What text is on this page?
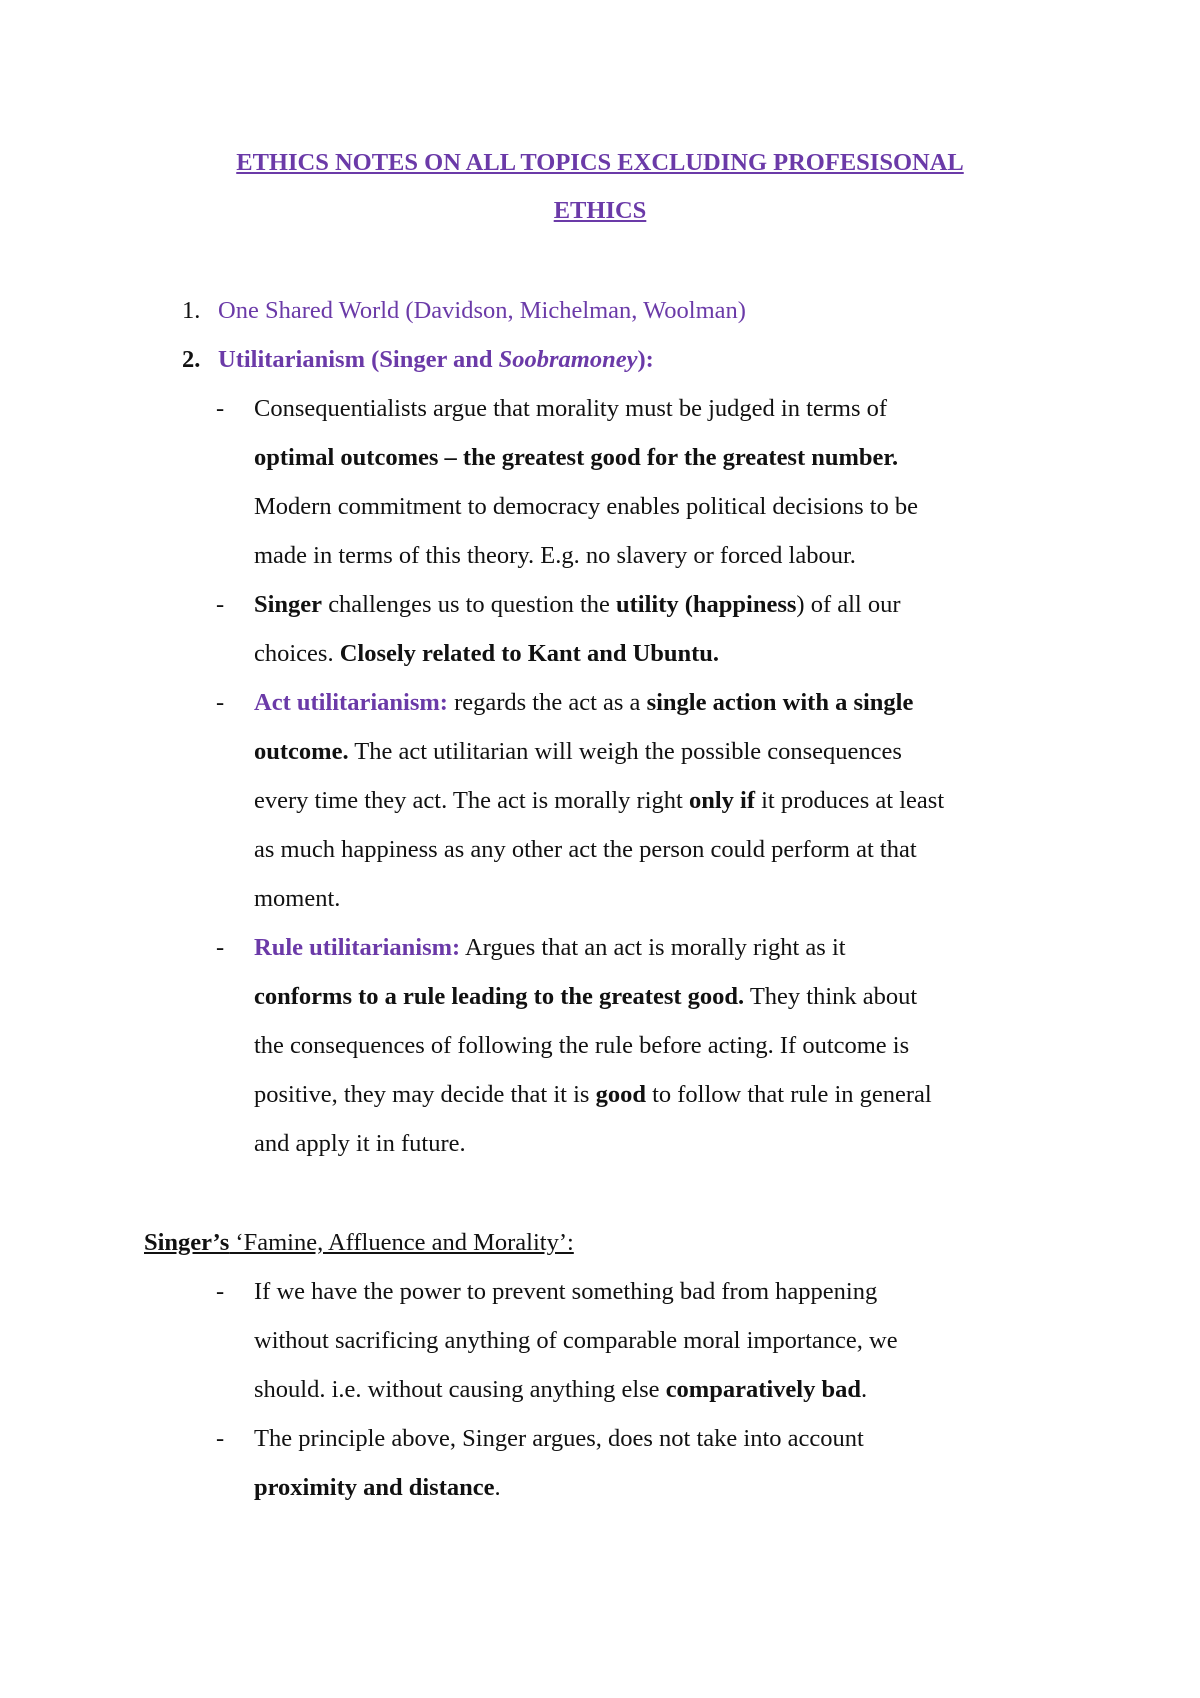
ETHICS NOTES ON ALL TOPICS EXCLUDING PROFESISONAL
ETHICS
1. One Shared World (Davidson, Michelman, Woolman)
2. Utilitarianism (Singer and Soobramoney):
- Consequentialists argue that morality must be judged in terms of
optimal outcomes – the greatest good for the greatest number.
Modern commitment to democracy enables political decisions to be
made in terms of this theory. E.g. no slavery or forced labour.
- Singer challenges us to question the utility (happiness) of all our
choices. Closely related to Kant and Ubuntu.
- Act utilitarianism: regards the act as a single action with a single
outcome. The act utilitarian will weigh the possible consequences
every time they act. The act is morally right only if it produces at least
as much happiness as any other act the person could perform at that
moment.
- Rule utilitarianism: Argues that an act is morally right as it
conforms to a rule leading to the greatest good. They think about
the consequences of following the rule before acting. If outcome is
positive, they may decide that it is good to follow that rule in general
and apply it in future.
Singer’s ‘Famine, Affluence and Morality’:
- If we have the power to prevent something bad from happening
without sacrificing anything of comparable moral importance, we
should. i.e. without causing anything else comparatively bad.
- The principle above, Singer argues, does not take into account
proximity and distance.
